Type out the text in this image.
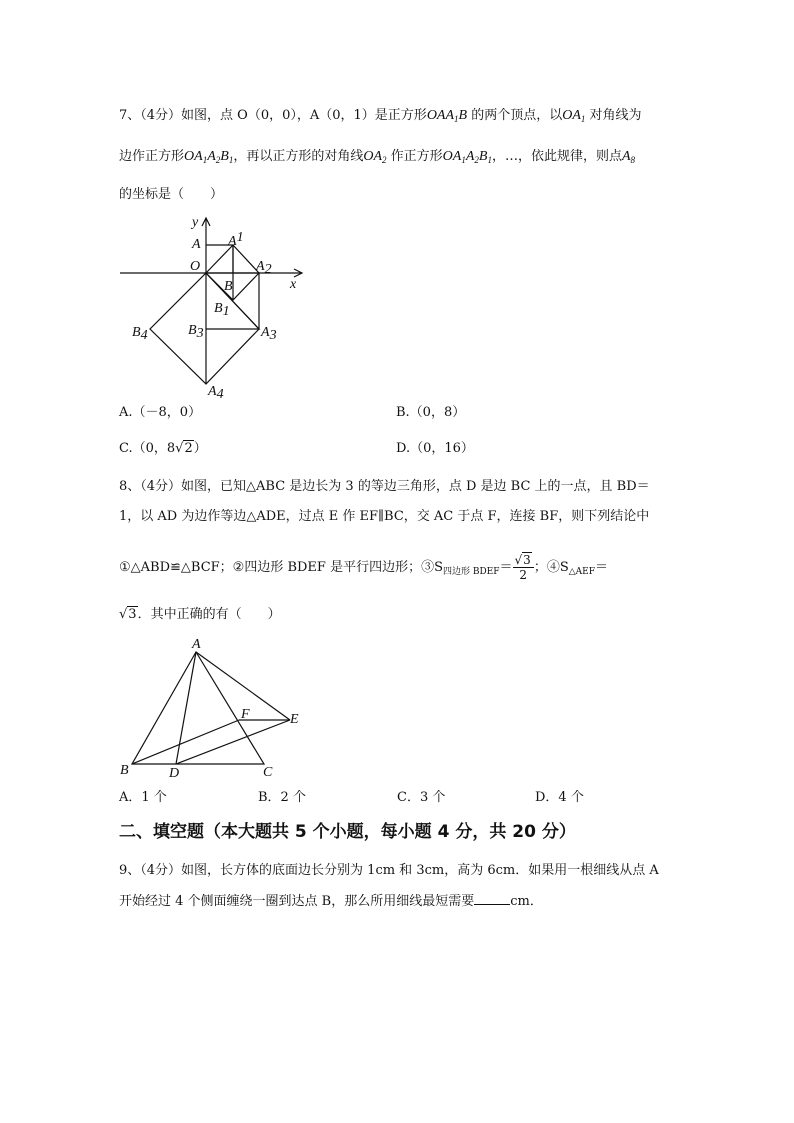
7、（4分）如图，点 O（0，0），A（0，1）是正方形$OAA_1B$ 的两个顶点，以$OA_1$ 对角线为
边作正方形$OA_1A_2B_1$，再以正方形的对角线$OA_2$ 作正方形$OA_1A_2B_1$，…，依此规律，则点$A_8$
的坐标是（　　）
y
x
O
A A1
A2
B
B1
B3	A3
B4
A4
A.（－8，0）	B.（0，8）
C.（0，8√2）	D.（0，16）
8、（4分）如图，已知△ABC 是边长为 3 的等边三角形，点 D 是边 BC 上的一点，且 BD＝
1，以 AD 为边作等边△ADE，过点 E 作 EF∥BC，交 AC 于点 F，连接 BF，则下列结论中
①△ABD≌△BCF；②四边形 BDEF 是平行四边形；$③S_{四边形 BDEF}= \frac{√3}{2}$ ；$④S_{\triangle AEF}=$
√3．其中正确的有（　　）
A
B	C
D
E
F
A．1 个	B．2 个	C．3 个	D．4 个
二、填空题（本大题共 5 个小题，每小题 4 分，共 20 分）
9、（4分）如图，长方体的底面边长分别为 1cm 和 3cm，高为 6cm．如果用一根细线从点 A
开始经过 4 个侧面缠绕一圈到达点 B，那么所用细线最短需要	cm．
